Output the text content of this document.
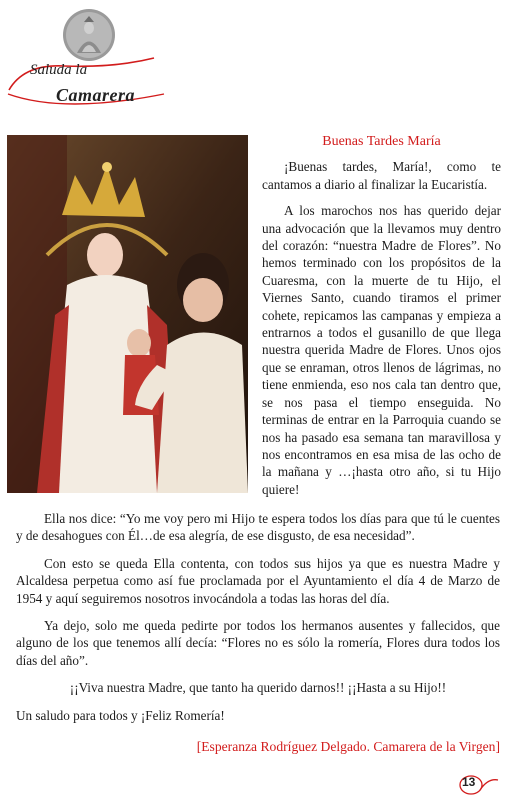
Saluda la
Camarera
Buenas Tardes María

¡Buenas tardes, María!, como te cantamos a diario al finalizar la Eucaristía.

A los marochos nos has querido dejar una advocación que la llevamos muy dentro del corazón: “nuestra Madre de Flores”. No hemos terminado con los propósitos de la Cuaresma, con la muerte de tu Hijo, el Viernes Santo, cuando tiramos el primer cohete, repicamos las campanas y empieza a entrarnos a todos el gusanillo de que llega nuestra querida Madre de Flores. Unos ojos que se enraman, otros llenos de lágrimas, no tiene enmienda, eso nos cala tan dentro que, se nos pasa el tiempo enseguida. No terminas de entrar en la Parroquia cuando se nos ha pasado esa semana tan maravillosa y nos encontramos en esa misa de las ocho de la mañana y …¡hasta otro año, si tu Hijo quiere!

Ella nos dice: “Yo me voy pero mi Hijo te espera todos los días para que tú le cuentes y de desahogues con Él…de esa alegría, de ese disgusto, de esa necesidad”.

Con esto se queda Ella contenta, con todos sus hijos ya que es nuestra Madre y Alcaldesa perpetua como así fue proclamada por el Ayuntamiento el día 4 de Marzo de 1954 y aquí seguiremos nosotros invocándola a todas las horas del día.

Ya dejo, solo me queda pedirte por todos los hermanos ausentes y fallecidos, que alguno de los que tenemos allí decía: “Flores no es sólo la romería, Flores dura todos los días del año”.

¡¡Viva nuestra Madre, que tanto ha querido darnos!! ¡¡Hasta a su Hijo!!

Un saludo para todos y ¡Feliz Romería!

[Esperanza Rodríguez Delgado. Camarera de la Virgen]
13
